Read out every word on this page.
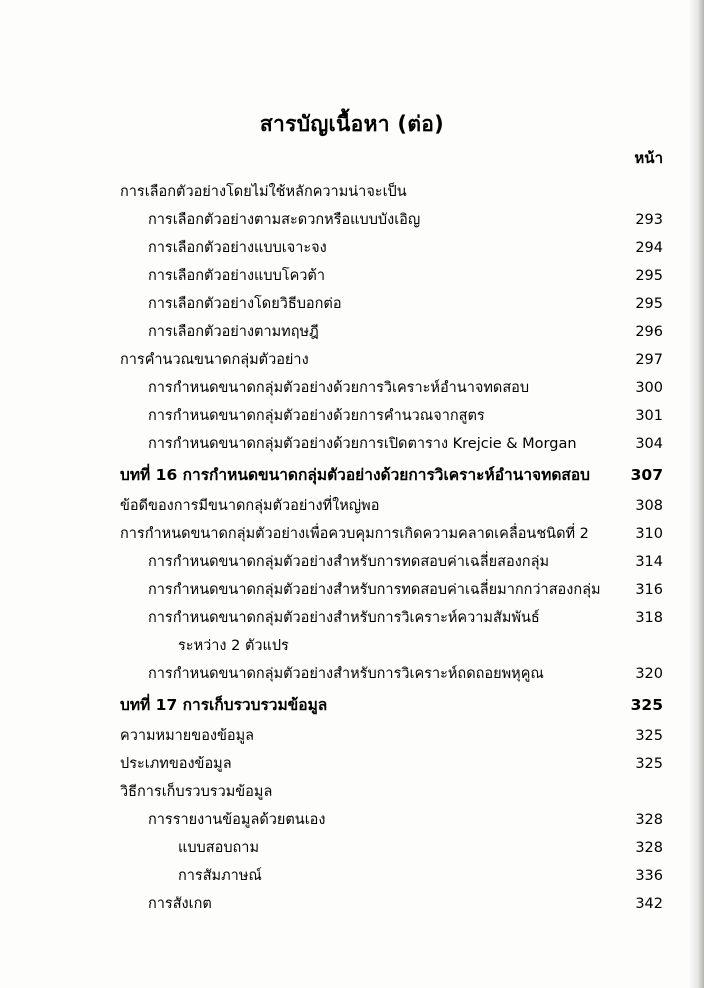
สารบัญเนื้อหา (ต่อ)
หน้า
การเลือกตัวอย่างโดยไม่ใช้หลักความน่าจะเป็น
การเลือกตัวอย่างตามสะดวกหรือแบบบังเอิญ	293
การเลือกตัวอย่างแบบเจาะจง	294
การเลือกตัวอย่างแบบโควต้า	295
การเลือกตัวอย่างโดยวิธีบอกต่อ	295
การเลือกตัวอย่างตามทฤษฎี	296
การคำนวณขนาดกลุ่มตัวอย่าง	297
การกำหนดขนาดกลุ่มตัวอย่างด้วยการวิเคราะห์อำนาจทดสอบ	300
การกำหนดขนาดกลุ่มตัวอย่างด้วยการคำนวณจากสูตร	301
การกำหนดขนาดกลุ่มตัวอย่างด้วยการเปิดตาราง Krejcie & Morgan	304
บทที่ 16 การกำหนดขนาดกลุ่มตัวอย่างด้วยการวิเคราะห์อำนาจทดสอบ	307
ข้อดีของการมีขนาดกลุ่มตัวอย่างที่ใหญ่พอ	308
การกำหนดขนาดกลุ่มตัวอย่างเพื่อควบคุมการเกิดความคลาดเคลื่อนชนิดที่ 2	310
การกำหนดขนาดกลุ่มตัวอย่างสำหรับการทดสอบค่าเฉลี่ยสองกลุ่ม	314
การกำหนดขนาดกลุ่มตัวอย่างสำหรับการทดสอบค่าเฉลี่ยมากกว่าสองกลุ่ม	316
การกำหนดขนาดกลุ่มตัวอย่างสำหรับการวิเคราะห์ความสัมพันธ์	318
ระหว่าง 2 ตัวแปร
การกำหนดขนาดกลุ่มตัวอย่างสำหรับการวิเคราะห์ถดถอยพหุคูณ	320
บทที่ 17 การเก็บรวบรวมข้อมูล	325
ความหมายของข้อมูล	325
ประเภทของข้อมูล	325
วิธีการเก็บรวบรวมข้อมูล
การรายงานข้อมูลด้วยตนเอง	328
แบบสอบถาม	328
การสัมภาษณ์	336
การสังเกต	342
